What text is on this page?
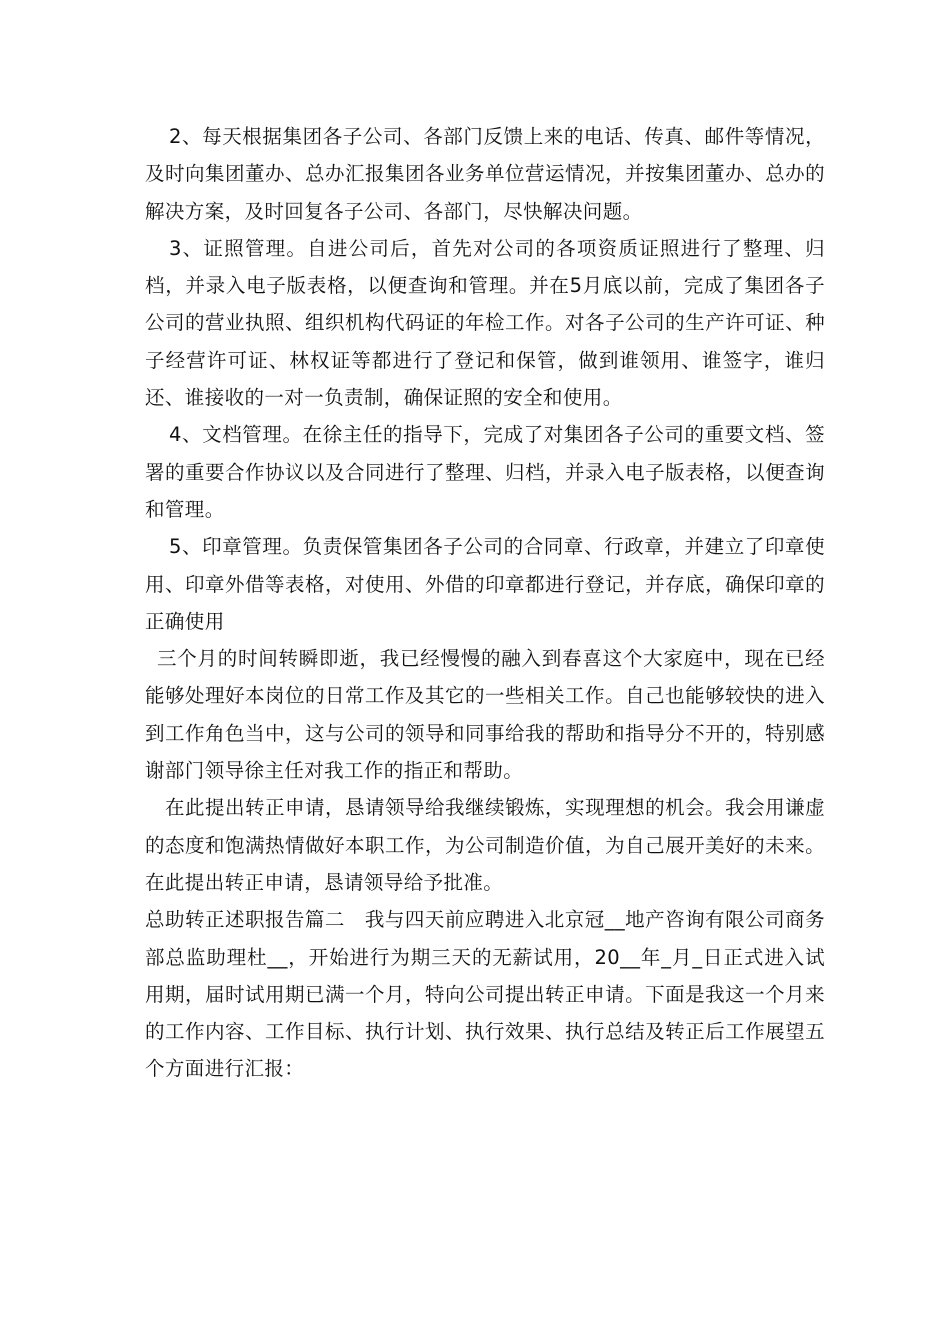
2、每天根据集团各子公司、各部门反馈上来的电话、传真、邮件等情况，及时向集团董办、总办汇报集团各业务单位营运情况，并按集团董办、总办的解决方案，及时回复各子公司、各部门，尽快解决问题。

3、证照管理。自进公司后，首先对公司的各项资质证照进行了整理、归档，并录入电子版表格，以便查询和管理。并在5月底以前，完成了集团各子公司的营业执照、组织机构代码证的年检工作。对各子公司的生产许可证、种子经营许可证、林权证等都进行了登记和保管，做到谁领用、谁签字，谁归还、谁接收的一对一负责制，确保证照的安全和使用。

4、文档管理。在徐主任的指导下，完成了对集团各子公司的重要文档、签署的重要合作协议以及合同进行了整理、归档，并录入电子版表格，以便查询和管理。

5、印章管理。负责保管集团各子公司的合同章、行政章，并建立了印章使用、印章外借等表格，对使用、外借的印章都进行登记，并存底，确保印章的正确使用

三个月的时间转瞬即逝，我已经慢慢的融入到春喜这个大家庭中，现在已经能够处理好本岗位的日常工作及其它的一些相关工作。自己也能够较快的进入到工作角色当中，这与公司的领导和同事给我的帮助和指导分不开的，特别感谢部门领导徐主任对我工作的指正和帮助。

在此提出转正申请，恳请领导给我继续锻炼，实现理想的机会。我会用谦虚的态度和饱满热情做好本职工作，为公司制造价值，为自己展开美好的未来。在此提出转正申请，恳请领导给予批准。

总助转正述职报告篇二　我与四天前应聘进入北京冠__地产咨询有限公司商务部总监助理杜__，开始进行为期三天的无薪试用，20__年_月_日正式进入试用期，届时试用期已满一个月，特向公司提出转正申请。下面是我这一个月来的工作内容、工作目标、执行计划、执行效果、执行总结及转正后工作展望五个方面进行汇报：
